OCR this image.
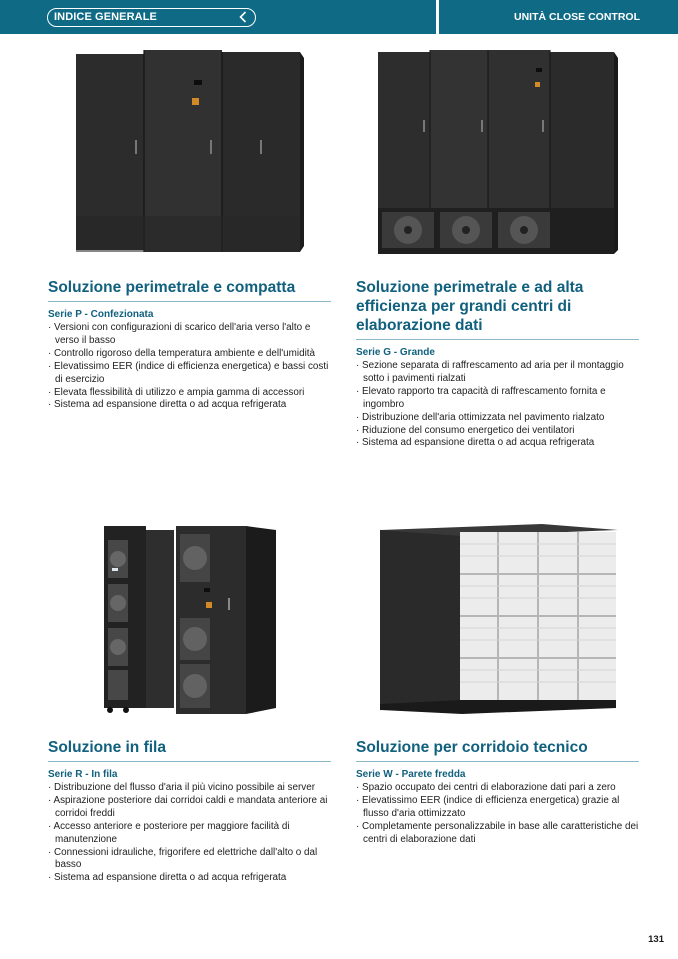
INDICE GENERALE	UNITÀ CLOSE CONTROL
Soluzione perimetrale e compatta
Serie P - Confezionata
· Versioni con configurazioni di scarico dell'aria verso l'alto e verso il basso
· Controllo rigoroso della temperatura ambiente e dell'umidità
· Elevatissimo EER (indice di efficienza energetica) e bassi costi di esercizio
· Elevata flessibilità di utilizzo e ampia gamma di accessori
· Sistema ad espansione diretta o ad acqua refrigerata
Soluzione perimetrale e ad alta efficienza per grandi centri di elaborazione dati
Serie G - Grande
· Sezione separata di raffrescamento ad aria per il montaggio sotto i pavimenti rialzati
· Elevato rapporto tra capacità di raffrescamento fornita e ingombro
· Distribuzione dell'aria ottimizzata nel pavimento rialzato
· Riduzione del consumo energetico dei ventilatori
· Sistema ad espansione diretta o ad acqua refrigerata
Soluzione in fila
Serie R - In fila
· Distribuzione del flusso d'aria il più vicino possibile ai server
· Aspirazione posteriore dai corridoi caldi e mandata anteriore ai corridoi freddi
· Accesso anteriore e posteriore per maggiore facilità di manutenzione
· Connessioni idrauliche, frigorifere ed elettriche dall'alto o dal basso
· Sistema ad espansione diretta o ad acqua refrigerata
Soluzione per corridoio tecnico
Serie W - Parete fredda
· Spazio occupato dei centri di elaborazione dati pari a zero
· Elevatissimo EER (indice di efficienza energetica) grazie al flusso d'aria ottimizzato
· Completamente personalizzabile in base alle caratteristiche dei centri di elaborazione dati
131
